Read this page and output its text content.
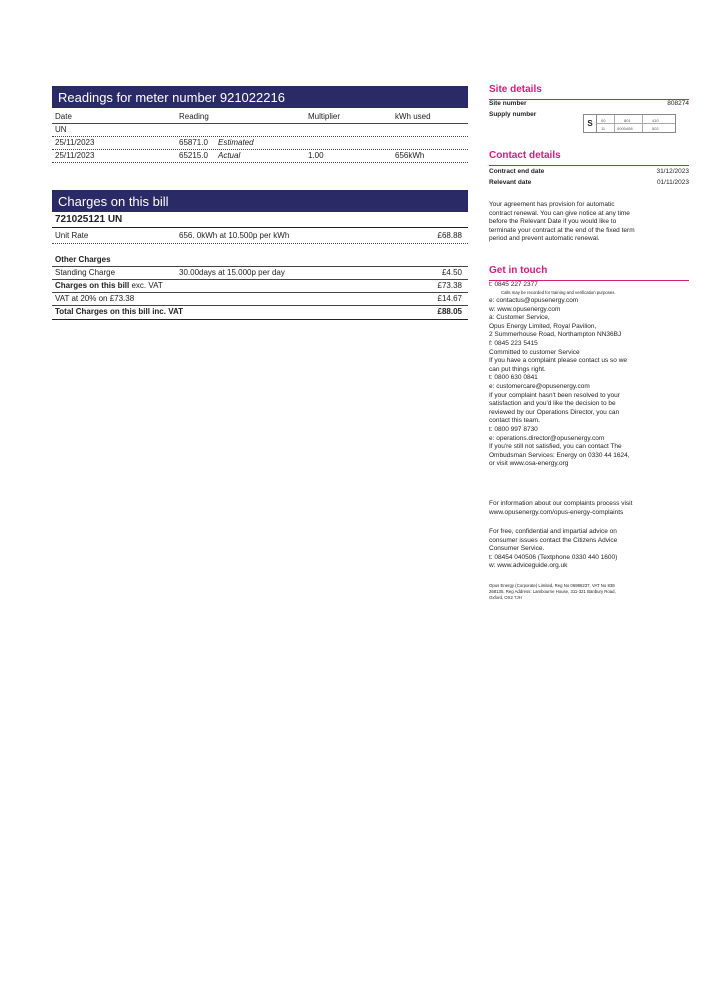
Readings for meter number 921022216
Date	Reading	Multiplier	kWh used
UN
25/11/2023	65871.0 Estimated
25/11/2023	65215.0 Actual	1.00	656kWh
Charges on this bill
721025121 UN
Unit Rate	656. 0kWh at 10.500p per kWh	£68.88
Other Charges
Standing Charge	30.00days at 15.000p per day	£4.50
Charges on this bill exc. VAT	£73.38
VAT at 20% on £73.38	£14.67
Total Charges on this bill inc. VAT	£88.05
Site details
Site number	808274
Supply number
S	00	801	410
11	0000408	502
Contact details
Contract end date	31/12/2023
Relevant date	01/11/2023
Your agreement has provision for automatic
contract renewal. You can give notice at any time
before the Relevant Date if you would like to
terminate your contract at the end of the fixed term
period and prevent automatic renewal.
Get in touch
t: 0845 227 2377
Calls may be recorded for training and verification purposes.
e: contactus@opusenergy.com
w: www.opusenergy.com
a: Customer Service,
Opus Energy Limited, Royal Pavilion,
2 Summerhouse Road, Northampton NN36BJ
f: 0845 223 5415
Committed to customer Service
If you have a complaint please contact us so we
can put things right.
t: 0800 630 0841
e: customercare@opusenergy.com
If your complaint hasn't been resolved to your
satisfaction and you'd like the decision to be
reviewed by our Operations Director, you can
contact this team.
t: 0800 997 8730
e: operations.director@opusenergy.com
If you're still not satisfied, you can contact The
Ombudsman Services: Energy on 0330 44 1624,
or visit www.osa-energy.org
For information about our complaints process visit
www.opusenergy.com/opus-energy-complaints
For free, confidential and impartial advice on
consumer issues contact the Citizens Advice
Consumer Service.
t: 08454 040506 (Textphone 0330 440 1600)
w: www.adviceguide.org.uk
Opus Energy (Corporate) Limited, Reg No 06986237, VAT No 838
268135, Reg Address: Lambourne House, 311-321 Banbury Road,
Oxford, OX2 7JH
